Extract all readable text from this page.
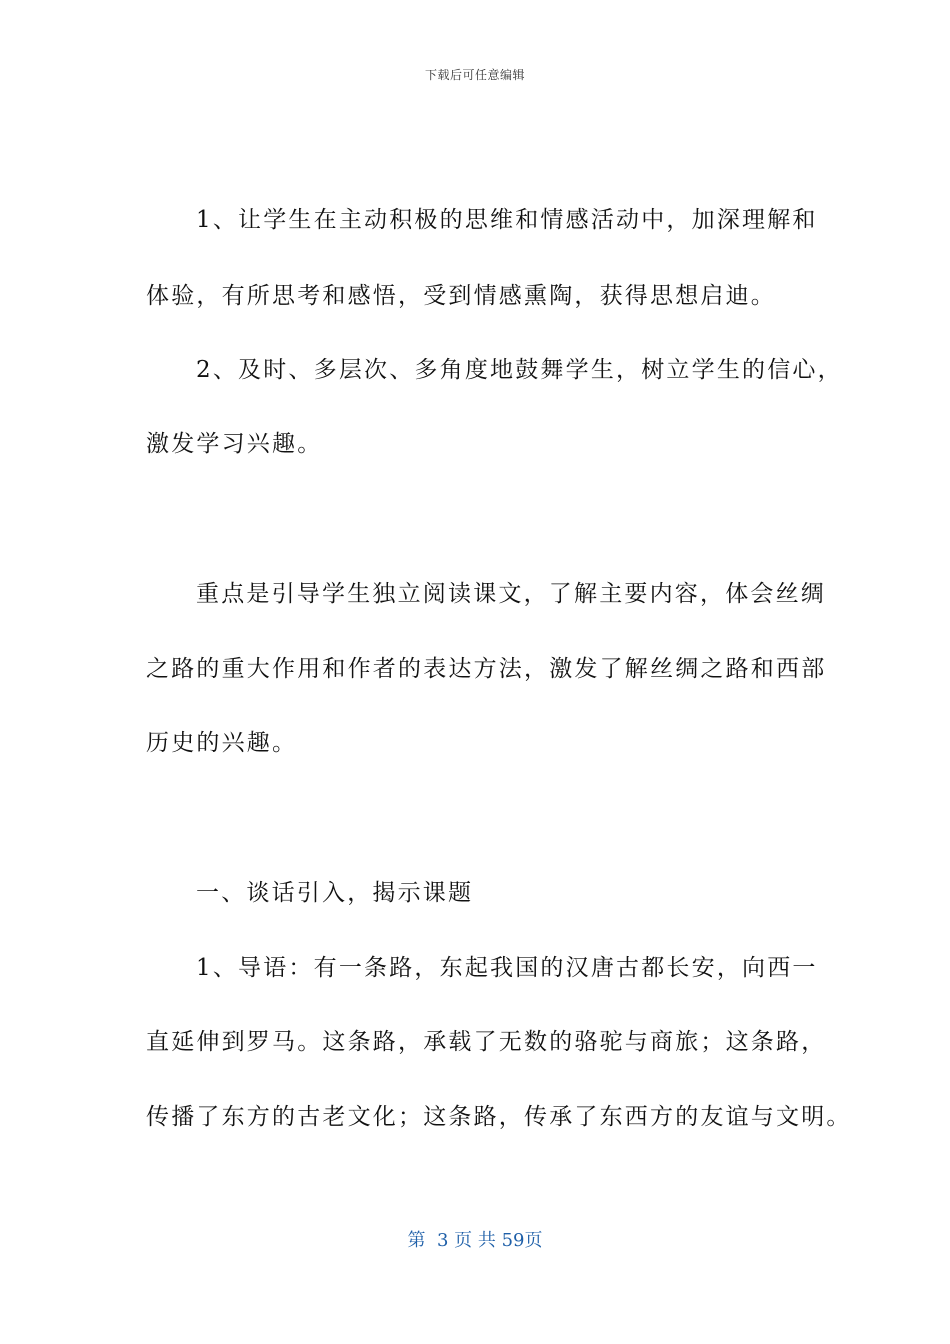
下载后可任意编辑
1、让学生在主动积极的思维和情感活动中，加深理解和
体验，有所思考和感悟，受到情感熏陶，获得思想启迪。
2、及时、多层次、多角度地鼓舞学生，树立学生的信心，
激发学习兴趣。
重点是引导学生独立阅读课文，了解主要内容，体会丝绸
之路的重大作用和作者的表达方法，激发了解丝绸之路和西部
历史的兴趣。
一、谈话引入，揭示课题
1、导语：有一条路，东起我国的汉唐古都长安，向西一
直延伸到罗马。这条路，承载了无数的骆驼与商旅；这条路，
传播了东方的古老文化；这条路，传承了东西方的友谊与文明。
第  3 页 共 59页
